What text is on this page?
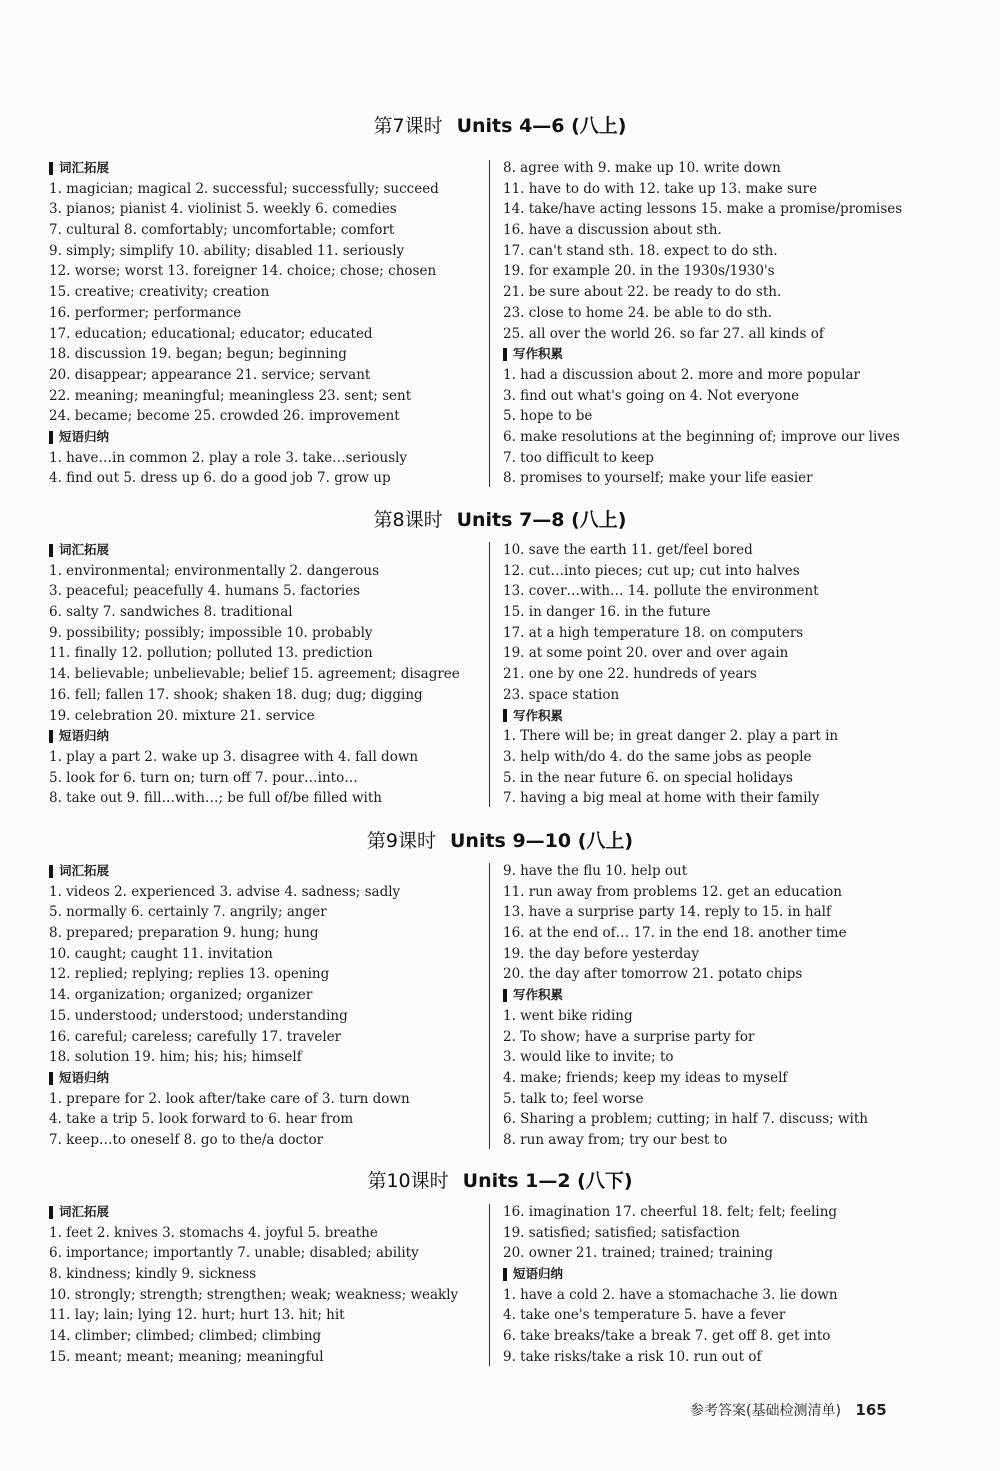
第7课时 Units 4—6 (八上)
词汇拓展
1. magician; magical 2. successful; successfully; succeed
3. pianos; pianist 4. violinist 5. weekly 6. comedies
7. cultural 8. comfortably; uncomfortable; comfort
9. simply; simplify 10. ability; disabled 11. seriously
12. worse; worst 13. foreigner 14. choice; chose; chosen
15. creative; creativity; creation
16. performer; performance
17. education; educational; educator; educated
18. discussion 19. began; begun; beginning
20. disappear; appearance 21. service; servant
22. meaning; meaningful; meaningless 23. sent; sent
24. became; become 25. crowded 26. improvement
短语归纳
1. have…in common 2. play a role 3. take…seriously
4. find out 5. dress up 6. do a good job 7. grow up
8. agree with 9. make up 10. write down
11. have to do with 12. take up 13. make sure
14. take/have acting lessons 15. make a promise/promises
16. have a discussion about sth.
17. can't stand sth. 18. expect to do sth.
19. for example 20. in the 1930s/1930's
21. be sure about 22. be ready to do sth.
23. close to home 24. be able to do sth.
25. all over the world 26. so far 27. all kinds of
写作积累
1. had a discussion about 2. more and more popular
3. find out what's going on 4. Not everyone
5. hope to be
6. make resolutions at the beginning of; improve our lives
7. too difficult to keep
8. promises to yourself; make your life easier
第8课时 Units 7—8 (八上)
词汇拓展
1. environmental; environmentally 2. dangerous
3. peaceful; peacefully 4. humans 5. factories
6. salty 7. sandwiches 8. traditional
9. possibility; possibly; impossible 10. probably
11. finally 12. pollution; polluted 13. prediction
14. believable; unbelievable; belief 15. agreement; disagree
16. fell; fallen 17. shook; shaken 18. dug; dug; digging
19. celebration 20. mixture 21. service
短语归纳
1. play a part 2. wake up 3. disagree with 4. fall down
5. look for 6. turn on; turn off 7. pour…into…
8. take out 9. fill…with…; be full of/be filled with
10. save the earth 11. get/feel bored
12. cut…into pieces; cut up; cut into halves
13. cover…with… 14. pollute the environment
15. in danger 16. in the future
17. at a high temperature 18. on computers
19. at some point 20. over and over again
21. one by one 22. hundreds of years
23. space station
写作积累
1. There will be; in great danger 2. play a part in
3. help with/do 4. do the same jobs as people
5. in the near future 6. on special holidays
7. having a big meal at home with their family
第9课时 Units 9—10 (八上)
词汇拓展
1. videos 2. experienced 3. advise 4. sadness; sadly
5. normally 6. certainly 7. angrily; anger
8. prepared; preparation 9. hung; hung
10. caught; caught 11. invitation
12. replied; replying; replies 13. opening
14. organization; organized; organizer
15. understood; understood; understanding
16. careful; careless; carefully 17. traveler
18. solution 19. him; his; his; himself
短语归纳
1. prepare for 2. look after/take care of 3. turn down
4. take a trip 5. look forward to 6. hear from
7. keep…to oneself 8. go to the/a doctor
9. have the flu 10. help out
11. run away from problems 12. get an education
13. have a surprise party 14. reply to 15. in half
16. at the end of… 17. in the end 18. another time
19. the day before yesterday
20. the day after tomorrow 21. potato chips
写作积累
1. went bike riding
2. To show; have a surprise party for
3. would like to invite; to
4. make; friends; keep my ideas to myself
5. talk to; feel worse
6. Sharing a problem; cutting; in half 7. discuss; with
8. run away from; try our best to
第10课时 Units 1—2 (八下)
词汇拓展
1. feet 2. knives 3. stomachs 4. joyful 5. breathe
6. importance; importantly 7. unable; disabled; ability
8. kindness; kindly 9. sickness
10. strongly; strength; strengthen; weak; weakness; weakly
11. lay; lain; lying 12. hurt; hurt 13. hit; hit
14. climber; climbed; climbed; climbing
15. meant; meant; meaning; meaningful
16. imagination 17. cheerful 18. felt; felt; feeling
19. satisfied; satisfied; satisfaction
20. owner 21. trained; trained; training
短语归纳
1. have a cold 2. have a stomachache 3. lie down
4. take one's temperature 5. have a fever
6. take breaks/take a break 7. get off 8. get into
9. take risks/take a risk 10. run out of
参考答案(基础检测清单) 165
